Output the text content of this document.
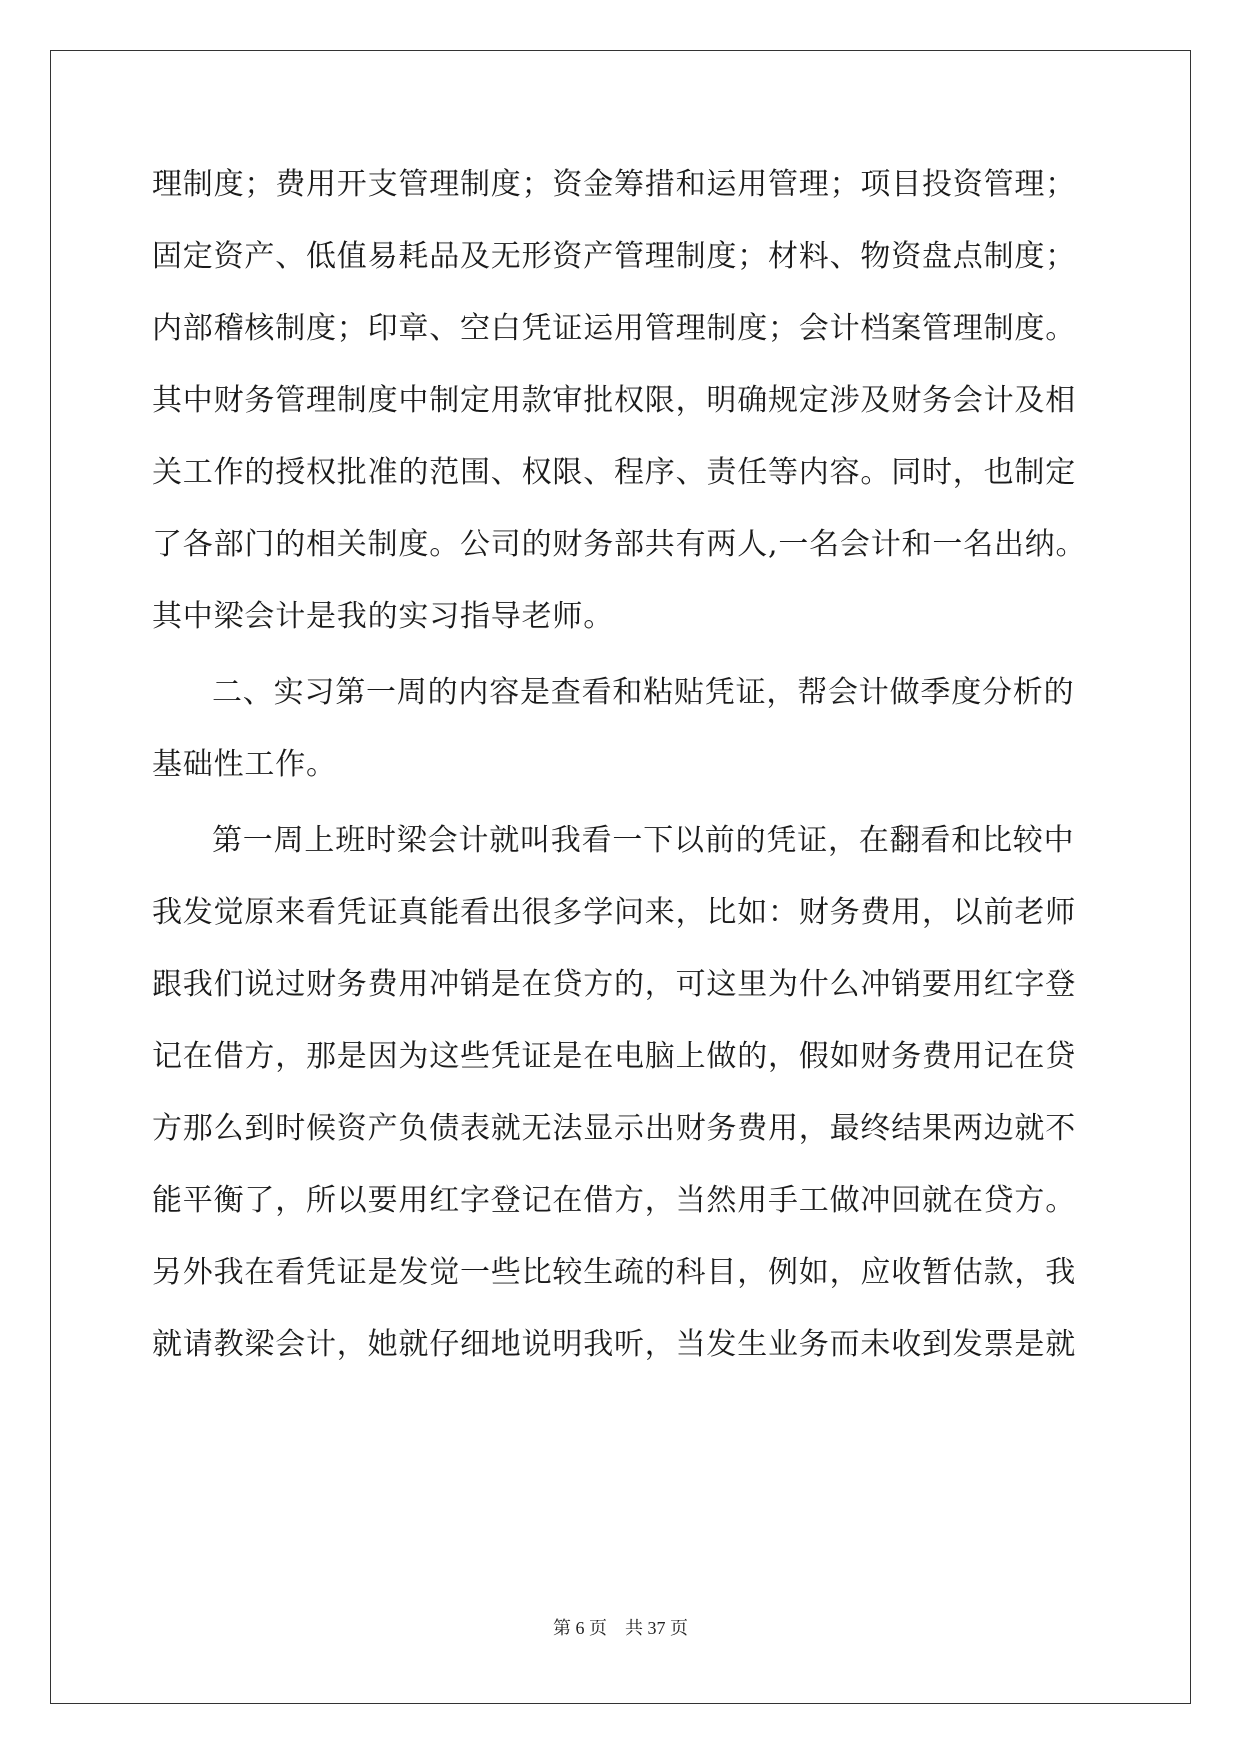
理制度；费用开支管理制度；资金筹措和运用管理；项目投资管理；
固定资产、低值易耗品及无形资产管理制度；材料、物资盘点制度；
内部稽核制度；印章、空白凭证运用管理制度；会计档案管理制度。
其中财务管理制度中制定用款审批权限，明确规定涉及财务会计及相
关工作的授权批准的范围、权限、程序、责任等内容。同时，也制定
了各部门的相关制度。公司的财务部共有两人,一名会计和一名出纳。
其中梁会计是我的实习指导老师。
二、实习第一周的内容是查看和粘贴凭证，帮会计做季度分析的
基础性工作。
第一周上班时梁会计就叫我看一下以前的凭证，在翻看和比较中
我发觉原来看凭证真能看出很多学问来，比如：财务费用，以前老师
跟我们说过财务费用冲销是在贷方的，可这里为什么冲销要用红字登
记在借方，那是因为这些凭证是在电脑上做的，假如财务费用记在贷
方那么到时候资产负债表就无法显示出财务费用，最终结果两边就不
能平衡了，所以要用红字登记在借方，当然用手工做冲回就在贷方。
另外我在看凭证是发觉一些比较生疏的科目，例如，应收暂估款，我
就请教梁会计，她就仔细地说明我听，当发生业务而未收到发票是就
第 6 页    共 37 页
